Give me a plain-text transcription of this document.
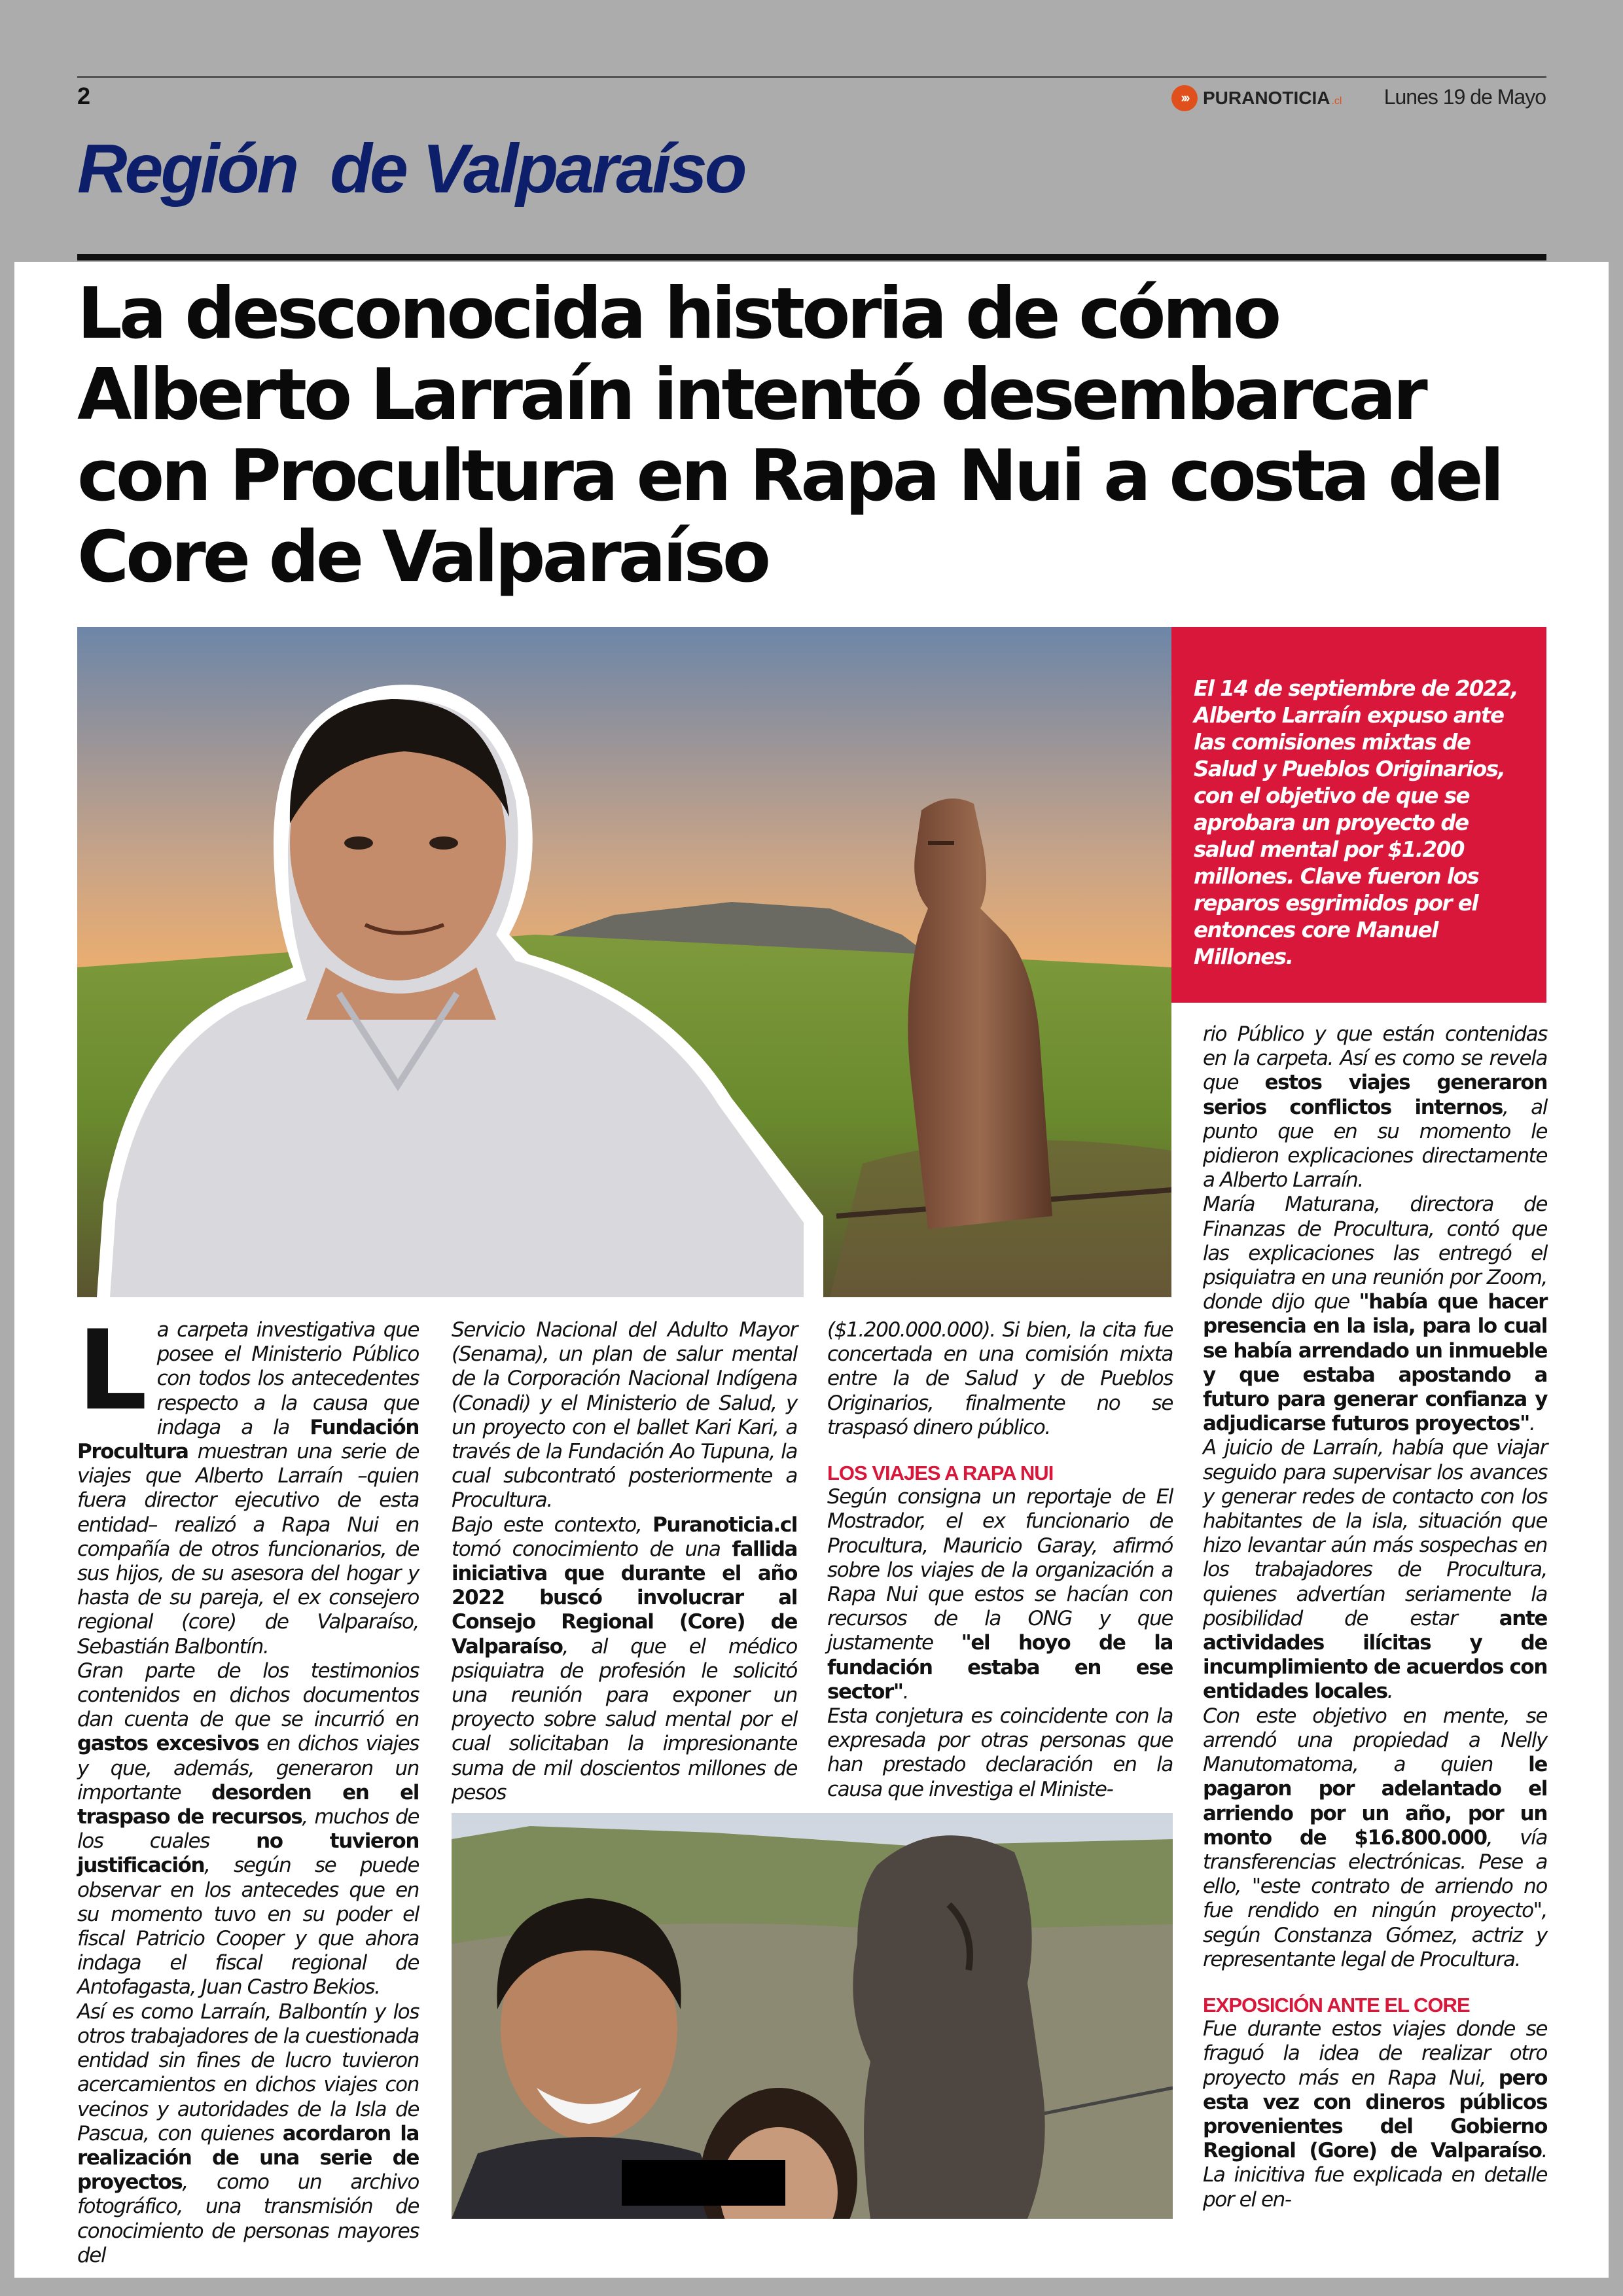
2	››› PURANOTICIA .cl Lunes 19 de Mayo
Región  de Valparaíso
La desconocida historia de cómo Alberto Larraín intentó desembarcar con Procultura en Rapa Nui a costa del Core de Valparaíso

El 14 de septiembre de 2022, Alberto Larraín expuso ante las comisiones mixtas de Salud y Pueblos Originarios, con el objetivo de que se aprobara un proyecto de salud mental por $1.200 millones. Clave fueron los reparos esgrimidos por el entonces core Manuel Millones.

L a carpeta investigativa que posee el Ministerio Público con todos los antecedentes respecto a la causa que indaga a la Fundación Procultura muestran una serie de viajes que Alberto Larraín –quien fuera director ejecutivo de esta entidad– realizó a Rapa Nui en compañía de otros funcionarios, de sus hijos, de su asesora del hogar y hasta de su pareja, el ex consejero regional (core) de Valparaíso, Sebastián Balbontín.

Gran parte de los testimonios contenidos en dichos documentos dan cuenta de que se incurrió en gastos excesivos en dichos viajes y que, además, generaron un importante desorden en el traspaso de recursos, muchos de los cuales no tuvieron justificación, según se puede observar en los antecedes que en su momento tuvo en su poder el fiscal Patricio Cooper y que ahora indaga el fiscal regional de Antofagasta, Juan Castro Bekios.

Así es como Larraín, Balbontín y los otros trabajadores de la cuestionada entidad sin fines de lucro tuvieron acercamientos en dichos viajes con vecinos y autoridades de la Isla de Pascua, con quienes acordaron la realización de una serie de proyectos, como un archivo fotográfico, una transmisión de conocimiento de personas mayores del

Servicio Nacional del Adulto Mayor (Senama), un plan de salur mental de la Corporación Nacional Indígena (Conadi) y el Ministerio de Salud, y un proyecto con el ballet Kari Kari, a través de la Fundación Ao Tupuna, la cual subcontrató posteriormente a Procultura.

Bajo este contexto, Puranoticia.cl tomó conocimiento de una fallida iniciativa que durante el año 2022 buscó involucrar al Consejo Regional (Core) de Valparaíso, al que el médico psiquiatra de profesión le solicitó una reunión para exponer un proyecto sobre salud mental por el cual solicitaban la impresionante suma de mil doscientos millones de pesos

($1.200.000.000). Si bien, la cita fue concertada en una comisión mixta entre la de Salud y de Pueblos Originarios, finalmente no se traspasó dinero público.

LOS VIAJES A RAPA NUI

Según consigna un reportaje de El Mostrador, el ex funcionario de Procultura, Mauricio Garay, afirmó sobre los viajes de la organización a Rapa Nui que estos se hacían con recursos de la ONG y que justamente "el hoyo de la fundación estaba en ese sector".

Esta conjetura es coincidente con la expresada por otras personas que han prestado declaración en la causa que investiga el Ministe-

rio Público y que están contenidas en la carpeta. Así es como se revela que estos viajes generaron serios conflictos internos, al punto que en su momento le pidieron explicaciones directamente a Alberto Larraín.

María Maturana, directora de Finanzas de Procultura, contó que las explicaciones las entregó el psiquiatra en una reunión por Zoom, donde dijo que "había que hacer presencia en la isla, para lo cual se había arrendado un inmueble y que estaba apostando a futuro para generar confianza y adjudicarse futuros proyectos".

A juicio de Larraín, había que viajar seguido para supervisar los avances y generar redes de contacto con los habitantes de la isla, situación que hizo levantar aún más sospechas en los trabajadores de Procultura, quienes advertían seriamente la posibilidad de estar ante actividades ilícitas y de incumplimiento de acuerdos con entidades locales.

Con este objetivo en mente, se arrendó una propiedad a Nelly Manutomatoma, a quien le pagaron por adelantado el arriendo por un año, por un monto de $16.800.000, vía transferencias electrónicas. Pese a ello, "este contrato de arriendo no fue rendido en ningún proyecto", según Constanza Gómez, actriz y representante legal de Procultura.

EXPOSICIÓN ANTE EL CORE

Fue durante estos viajes donde se fraguó la idea de realizar otro proyecto más en Rapa Nui, pero esta vez con dineros públicos provenientes del Gobierno Regional (Gore) de Valparaíso. La inicitiva fue explicada en detalle por el en-
